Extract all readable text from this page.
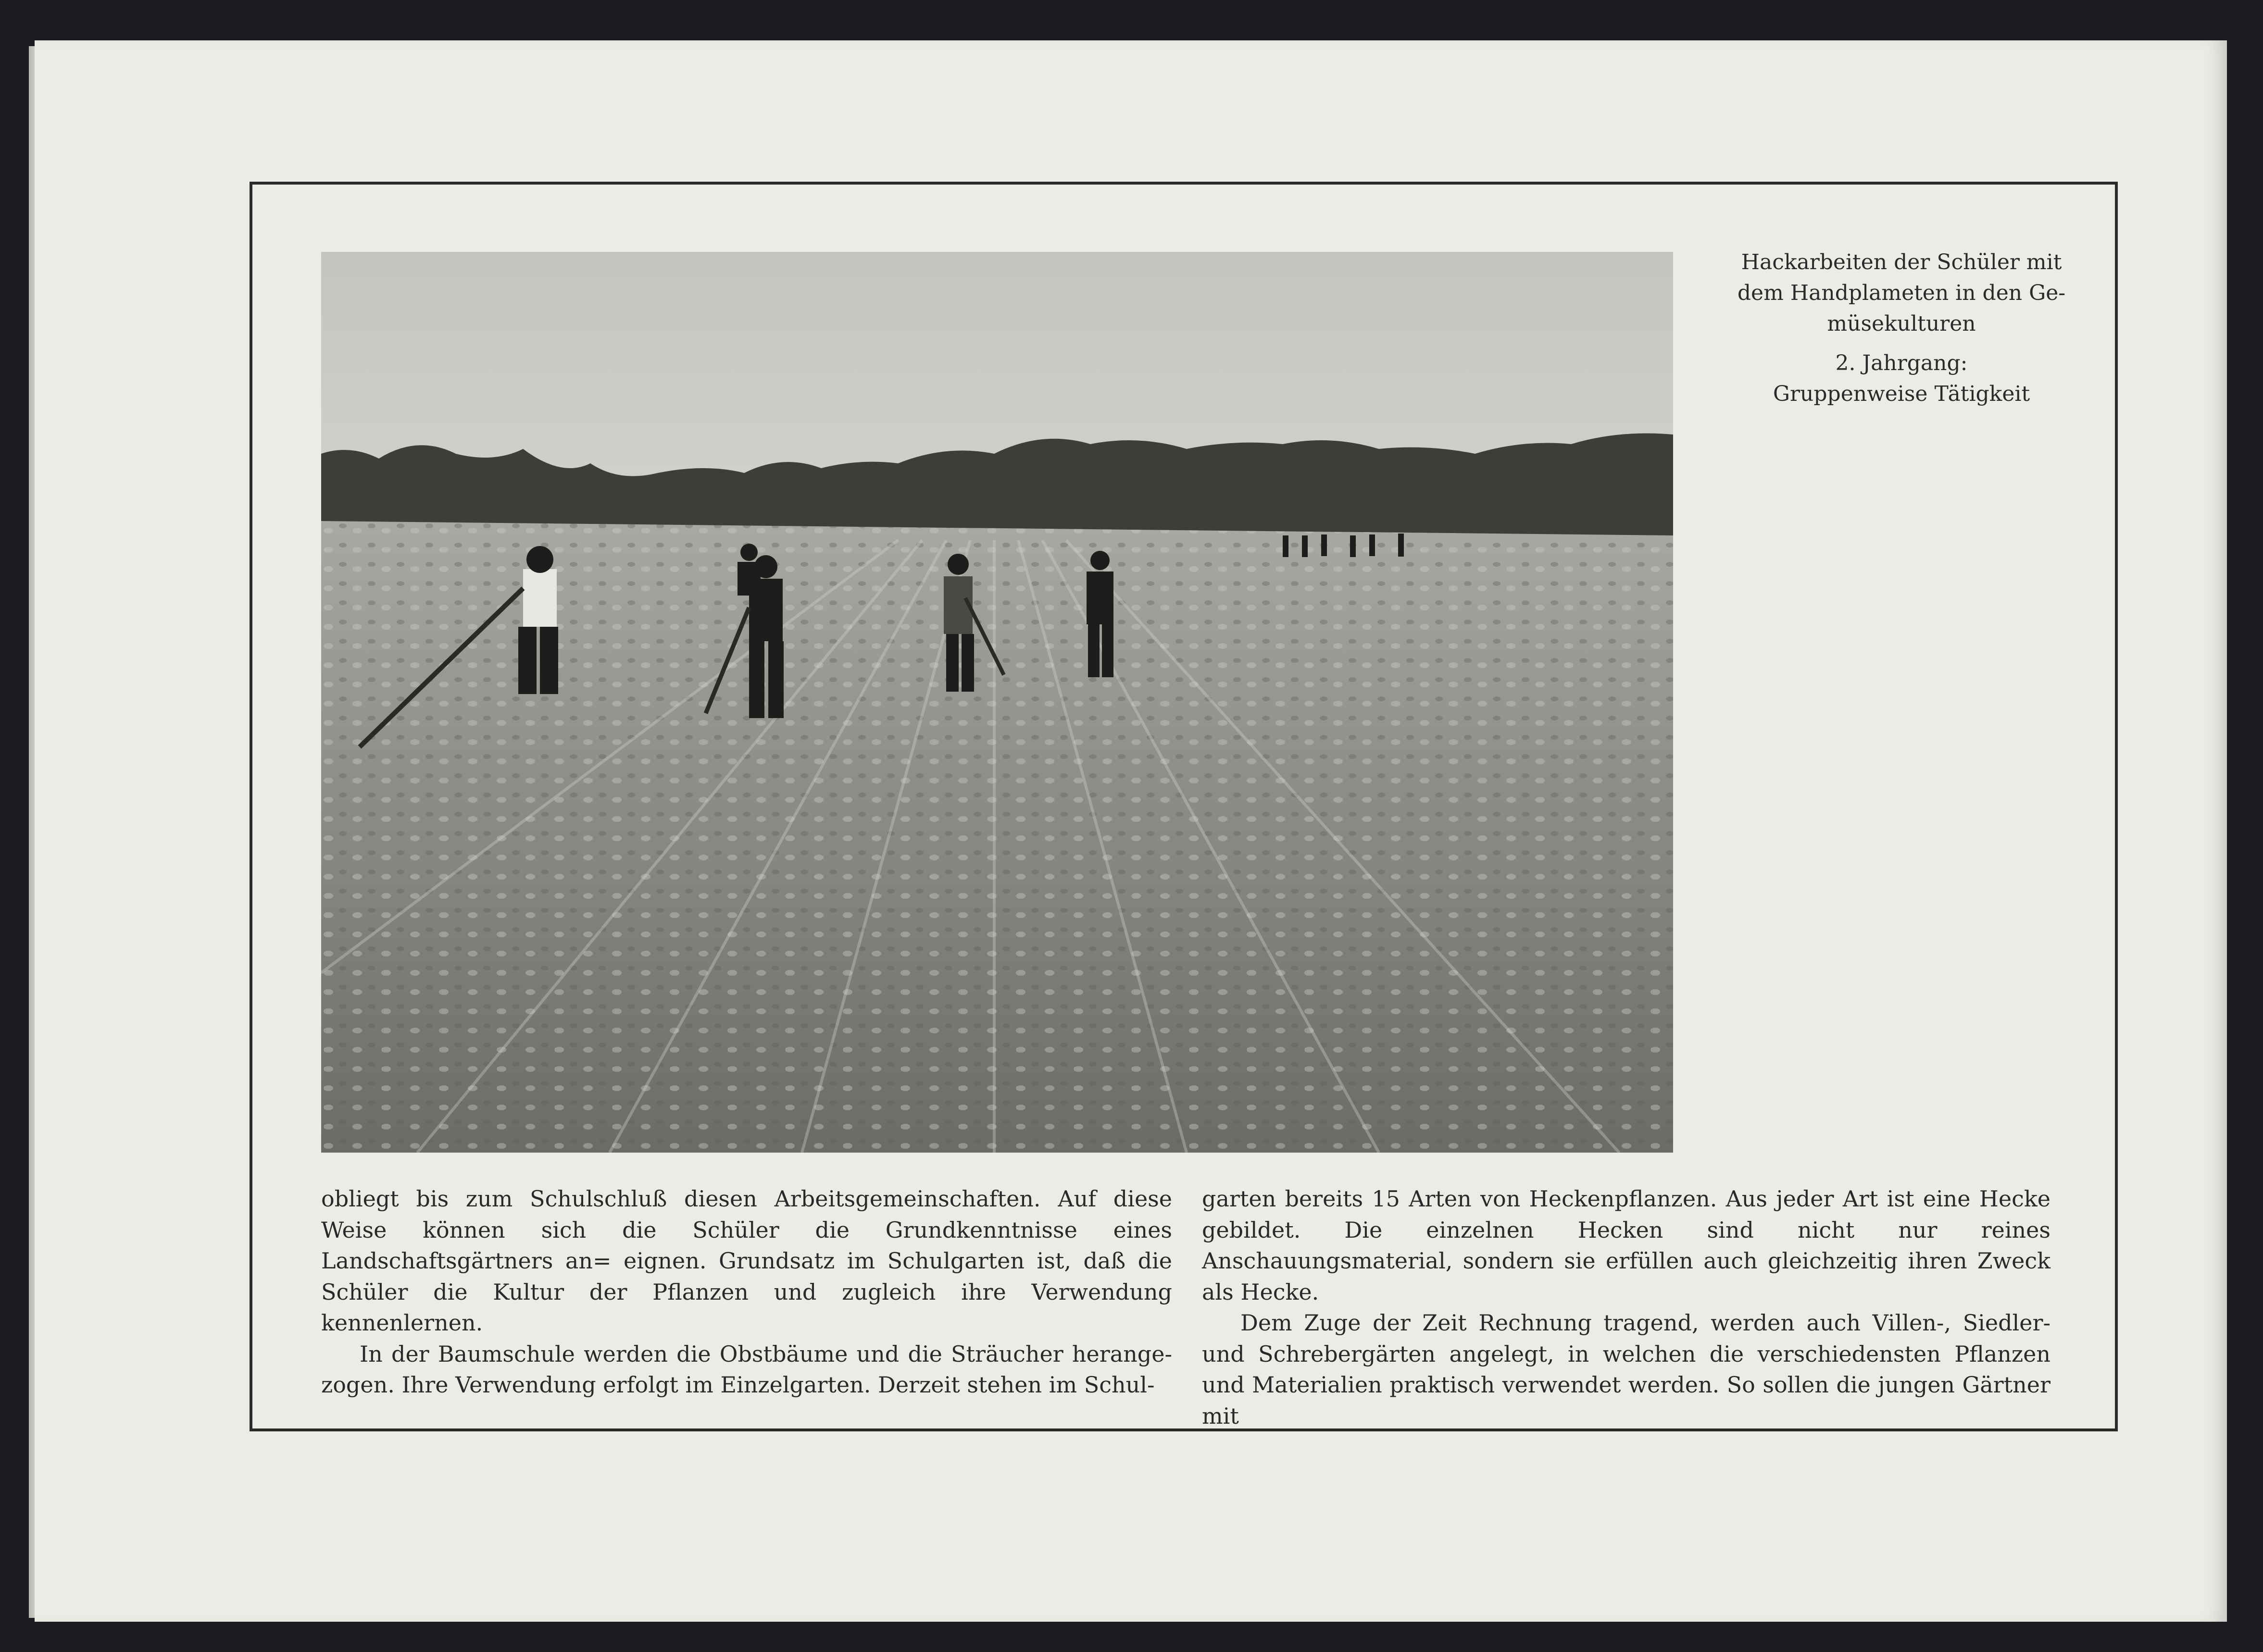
Hackarbeiten der Schüler mit
dem Handplameten in den Ge-
müsekulturen
2. Jahrgang:
Gruppenweise Tätigkeit

obliegt bis zum Schulschluß diesen Arbeitsgemeinschaften. Auf diese Weise können sich die Schüler die Grundkenntnisse eines Landschaftsgärtners an= eignen. Grundsatz im Schulgarten ist, daß die Schüler die Kultur der Pflanzen und zugleich ihre Verwendung kennenlernen.

In der Baumschule werden die Obstbäume und die Sträucher herange- zogen. Ihre Verwendung erfolgt im Einzelgarten. Derzeit stehen im Schul-

garten bereits 15 Arten von Heckenpflanzen. Aus jeder Art ist eine Hecke gebildet. Die einzelnen Hecken sind nicht nur reines Anschauungsmaterial, sondern sie erfüllen auch gleichzeitig ihren Zweck als Hecke.

Dem Zuge der Zeit Rechnung tragend, werden auch Villen-, Siedler- und Schrebergärten angelegt, in welchen die verschiedensten Pflanzen und Materialien praktisch verwendet werden. So sollen die jungen Gärtner mit
